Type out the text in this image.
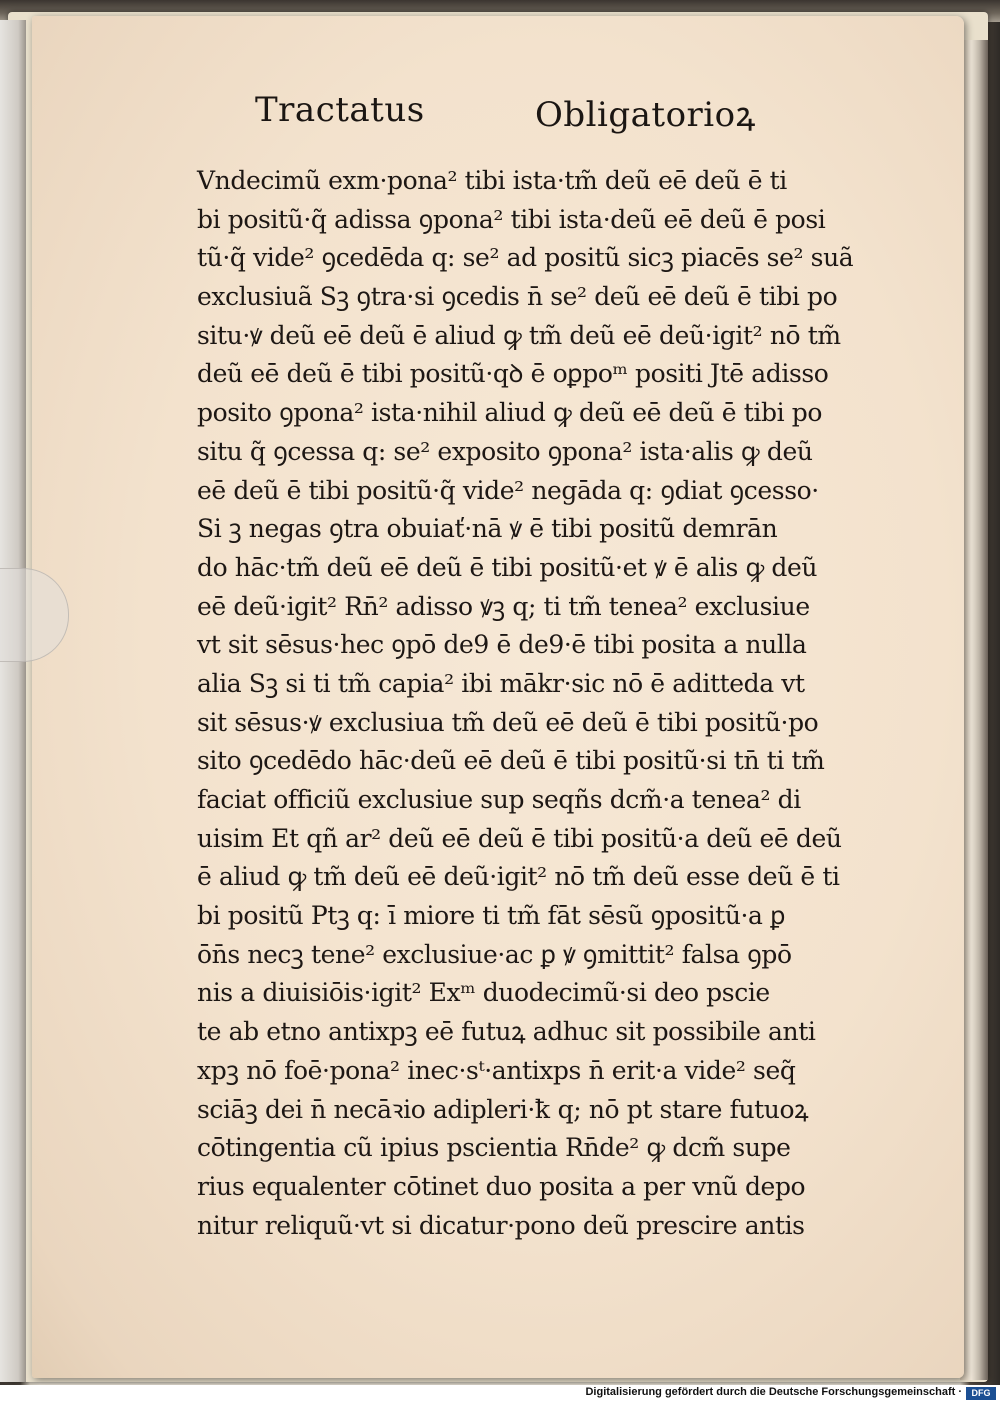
Tractatus	Obligatorioꝝ
Vndecimũ exm·pona² tibi ista·tm̃ deũ eē deũ ē ti
bi positũ·q̃ adissa ꝯpona² tibi ista·deũ eē deũ ē posi
tũ·q̃ vide² ꝯcedēda q: se² ad positũ sicꝫ piacēs se² suã
exclusiuã Sꝫ ꝯtra·si ꝯcedis n̄ se² deũ eē deũ ē tibi po
situ·ꝟ deũ eē deũ ē aliud ꝙ tm̃ deũ eē deũ·igit² nō tm̃
deũ eē deũ ē tibi positũ·qꝺ ē oꝑpoᵐ positi Jtē adisso
posito ꝯpona² ista·nihil aliud ꝙ deũ eē deũ ē tibi po
situ q̃ ꝯcessa q: se² exposito ꝯpona² ista·alis ꝙ deũ
eē deũ ē tibi positũ·q̃ vide² negāda q: ꝯdiat ꝯcesso·
Si ꝫ negas ꝯtra obuiať·nā ꝟ ē tibi positũ demrān
do hāc·tm̃ deũ eē deũ ē tibi positũ·et ꝟ ē alis ꝙ deũ
eē deũ·igit² Rn̄² adisso ꝟꝫ q; ti tm̃ tenea² exclusiue
vt sit sēsus·hec ꝯpō de9 ē de9·ē tibi posita a nulla
alia Sꝫ si ti tm̃ capia² ibi mākr·sic nō ē aditteda vt
sit sēsus·ꝟ exclusiua tm̃ deũ eē deũ ē tibi positũ·po
sito ꝯcedēdo hāc·deũ eē deũ ē tibi positũ·si tn̄ ti tm̃
faciat officiũ exclusiue sup seqñs dcm̃·a tenea² di
uisim Et qñ ar² deũ eē deũ ē tibi positũ·a deũ eē deũ
ē aliud ꝙ tm̃ deũ eē deũ·igit² nō tm̃ deũ esse deũ ē ti
bi positũ Ptꝫ q: ī miore ti tm̃ fāt sēsũ ꝯpositũ·a ꝑ
ōn̄s necꝫ tene² exclusiue·ac ꝑ ꝟ ꝯmittit² falsa ꝯpō
nis a diuisiōis·igit² Exᵐ duodecimũ·si deo pscie
te ab etno antixpꝫ eē futuꝝ adhuc sit possibile anti
xpꝫ nō foē·pona² inec·sᵗ·antixps n̄ erit·a vide² seq̃
sciāꝫ dei n̄ necāꝛio adipleri·ꝁ q; nō pt stare futuoꝝ
cōtingentia cũ ipius pscientia Rn̄de² ꝙ dcm̃ supe
rius equalenter cōtinet duo posita a per vnũ depo
nitur reliquũ·vt si dicatur·pono deũ prescire antis
Digitalisierung gefördert durch die Deutsche Forschungsgemeinschaft ·	DFG
